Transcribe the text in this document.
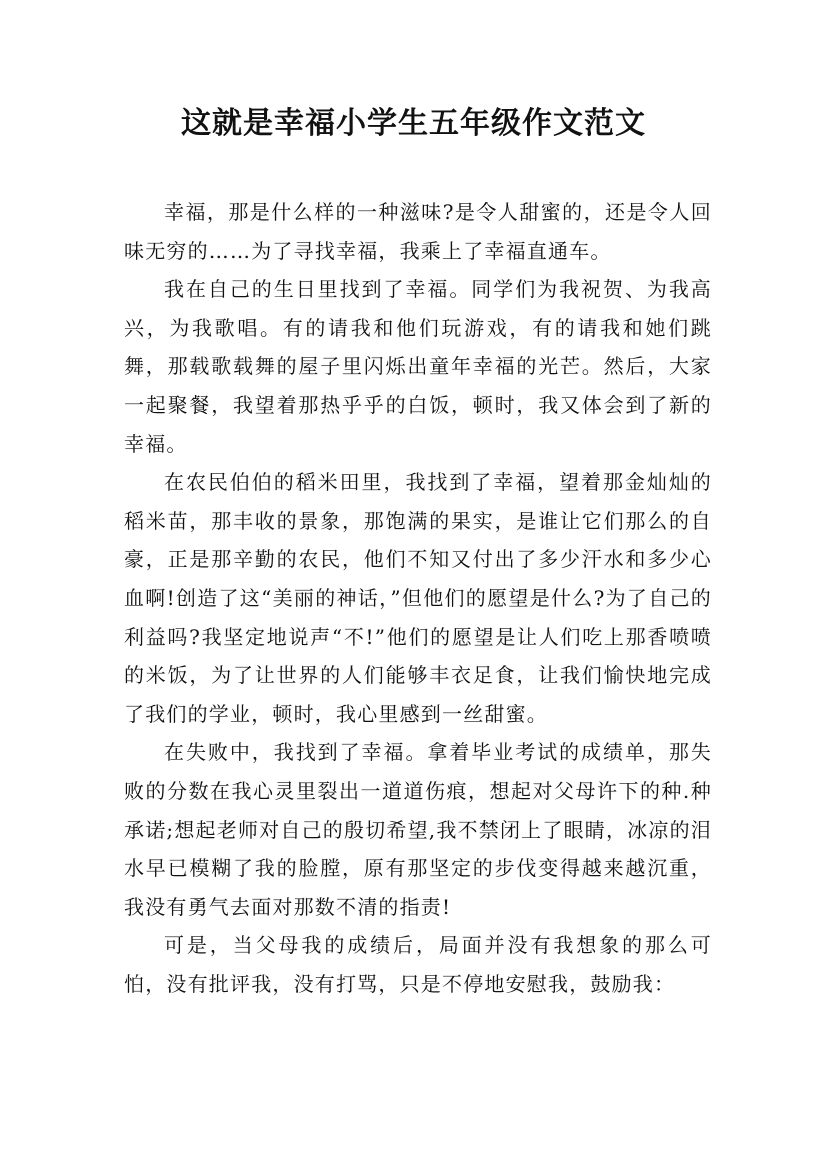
这就是幸福小学生五年级作文范文

幸福，那是什么样的一种滋味?是令人甜蜜的，还是令人回味无穷的……为了寻找幸福，我乘上了幸福直通车。

我在自己的生日里找到了幸福。同学们为我祝贺、为我高兴，为我歌唱。有的请我和他们玩游戏，有的请我和她们跳舞，那载歌载舞的屋子里闪烁出童年幸福的光芒。然后，大家一起聚餐，我望着那热乎乎的白饭，顿时，我又体会到了新的幸福。

在农民伯伯的稻米田里，我找到了幸福，望着那金灿灿的稻米苗，那丰收的景象，那饱满的果实，是谁让它们那么的自豪，正是那辛勤的农民，他们不知又付出了多少汗水和多少心血啊!创造了这“美丽的神话，”但他们的愿望是什么?为了自己的利益吗?我坚定地说声“不!”他们的愿望是让人们吃上那香喷喷的米饭，为了让世界的人们能够丰衣足食，让我们愉快地完成了我们的学业，顿时，我心里感到一丝甜蜜。

在失败中，我找到了幸福。拿着毕业考试的成绩单，那失败的分数在我心灵里裂出一道道伤痕，想起对父母许下的种.种承诺;想起老师对自己的殷切希望,我不禁闭上了眼睛，冰凉的泪水早已模糊了我的脸膛，原有那坚定的步伐变得越来越沉重，我没有勇气去面对那数不清的指责!

可是，当父母我的成绩后，局面并没有我想象的那么可怕，没有批评我，没有打骂，只是不停地安慰我，鼓励我：
